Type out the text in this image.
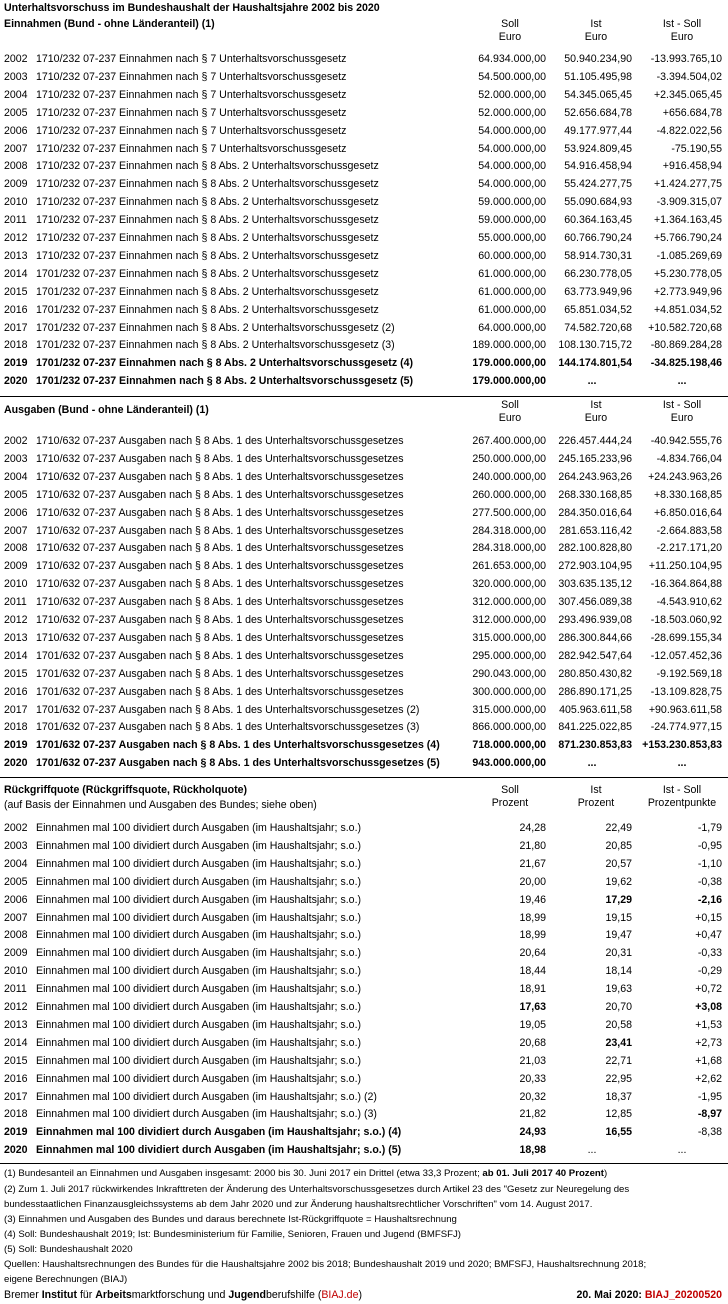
Unterhaltsvorschuss im Bundeshaushalt der Haushaltsjahre 2002 bis 2020
Einnahmen (Bund - ohne Länderanteil) (1)	Soll
Euro
Ist
Euro
Ist - Soll
Euro
2002 1710/232 07-237 Einnahmen nach § 7 Unterhaltsvorschussgesetz	64.934.000,00 50.940.234,90 -13.993.765,10
2003 1710/232 07-237 Einnahmen nach § 7 Unterhaltsvorschussgesetz	54.500.000,00 51.105.495,98 -3.394.504,02
2004 1710/232 07-237 Einnahmen nach § 7 Unterhaltsvorschussgesetz	52.000.000,00 54.345.065,45 +2.345.065,45
2005 1710/232 07-237 Einnahmen nach § 7 Unterhaltsvorschussgesetz	52.000.000,00 52.656.684,78	+656.684,78
2006 1710/232 07-237 Einnahmen nach § 7 Unterhaltsvorschussgesetz	54.000.000,00 49.177.977,44 -4.822.022,56
2007 1710/232 07-237 Einnahmen nach § 7 Unterhaltsvorschussgesetz	54.000.000,00 53.924.809,45	-75.190,55
2008 1710/232 07-237 Einnahmen nach § 8 Abs. 2 Unterhaltsvorschussgesetz	54.000.000,00 54.916.458,94	+916.458,94
2009 1710/232 07-237 Einnahmen nach § 8 Abs. 2 Unterhaltsvorschussgesetz	54.000.000,00 55.424.277,75 +1.424.277,75
2010 1710/232 07-237 Einnahmen nach § 8 Abs. 2 Unterhaltsvorschussgesetz	59.000.000,00 55.090.684,93 -3.909.315,07
2011 1710/232 07-237 Einnahmen nach § 8 Abs. 2 Unterhaltsvorschussgesetz	59.000.000,00 60.364.163,45 +1.364.163,45
2012 1710/232 07-237 Einnahmen nach § 8 Abs. 2 Unterhaltsvorschussgesetz	55.000.000,00 60.766.790,24 +5.766.790,24
2013 1710/232 07-237 Einnahmen nach § 8 Abs. 2 Unterhaltsvorschussgesetz	60.000.000,00 58.914.730,31 -1.085.269,69
2014 1701/232 07-237 Einnahmen nach § 8 Abs. 2 Unterhaltsvorschussgesetz	61.000.000,00 66.230.778,05 +5.230.778,05
2015 1701/232 07-237 Einnahmen nach § 8 Abs. 2 Unterhaltsvorschussgesetz	61.000.000,00 63.773.949,96 +2.773.949,96
2016 1701/232 07-237 Einnahmen nach § 8 Abs. 2 Unterhaltsvorschussgesetz	61.000.000,00 65.851.034,52 +4.851.034,52
2017 1701/232 07-237 Einnahmen nach § 8 Abs. 2 Unterhaltsvorschussgesetz (2)	64.000.000,00 74.582.720,68 +10.582.720,68
2018 1701/232 07-237 Einnahmen nach § 8 Abs. 2 Unterhaltsvorschussgesetz (3)	189.000.000,00 108.130.715,72 -80.869.284,28
2019 1701/232 07-237 Einnahmen nach § 8 Abs. 2 Unterhaltsvorschussgesetz (4)	179.000.000,00 144.174.801,54 -34.825.198,46
2020 1701/232 07-237 Einnahmen nach § 8 Abs. 2 Unterhaltsvorschussgesetz (5)	179.000.000,00	...	...
Ausgaben (Bund - ohne Länderanteil) (1)	Soll
Euro
Ist
Euro
Ist - Soll
Euro
2002 1710/632 07-237 Ausgaben nach § 8 Abs. 1 des Unterhaltsvorschussgesetzes	267.400.000,00 226.457.444,24 -40.942.555,76
2003 1710/632 07-237 Ausgaben nach § 8 Abs. 1 des Unterhaltsvorschussgesetzes	250.000.000,00 245.165.233,96 -4.834.766,04
2004 1710/632 07-237 Ausgaben nach § 8 Abs. 1 des Unterhaltsvorschussgesetzes	240.000.000,00 264.243.963,26 +24.243.963,26
2005 1710/632 07-237 Ausgaben nach § 8 Abs. 1 des Unterhaltsvorschussgesetzes	260.000.000,00 268.330.168,85 +8.330.168,85
2006 1710/632 07-237 Ausgaben nach § 8 Abs. 1 des Unterhaltsvorschussgesetzes	277.500.000,00 284.350.016,64 +6.850.016,64
2007 1710/632 07-237 Ausgaben nach § 8 Abs. 1 des Unterhaltsvorschussgesetzes	284.318.000,00 281.653.116,42 -2.664.883,58
2008 1710/632 07-237 Ausgaben nach § 8 Abs. 1 des Unterhaltsvorschussgesetzes	284.318.000,00 282.100.828,80 -2.217.171,20
2009 1710/632 07-237 Ausgaben nach § 8 Abs. 1 des Unterhaltsvorschussgesetzes	261.653.000,00 272.903.104,95 +11.250.104,95
2010 1710/632 07-237 Ausgaben nach § 8 Abs. 1 des Unterhaltsvorschussgesetzes	320.000.000,00 303.635.135,12 -16.364.864,88
2011 1710/632 07-237 Ausgaben nach § 8 Abs. 1 des Unterhaltsvorschussgesetzes	312.000.000,00 307.456.089,38 -4.543.910,62
2012 1710/632 07-237 Ausgaben nach § 8 Abs. 1 des Unterhaltsvorschussgesetzes	312.000.000,00 293.496.939,08 -18.503.060,92
2013 1710/632 07-237 Ausgaben nach § 8 Abs. 1 des Unterhaltsvorschussgesetzes	315.000.000,00 286.300.844,66 -28.699.155,34
2014 1701/632 07-237 Ausgaben nach § 8 Abs. 1 des Unterhaltsvorschussgesetzes	295.000.000,00 282.942.547,64 -12.057.452,36
2015 1701/632 07-237 Ausgaben nach § 8 Abs. 1 des Unterhaltsvorschussgesetzes	290.043.000,00 280.850.430,82 -9.192.569,18
2016 1701/632 07-237 Ausgaben nach § 8 Abs. 1 des Unterhaltsvorschussgesetzes	300.000.000,00 286.890.171,25 -13.109.828,75
2017 1701/632 07-237 Ausgaben nach § 8 Abs. 1 des Unterhaltsvorschussgesetzes (2)	315.000.000,00 405.963.611,58 +90.963.611,58
2018 1701/632 07-237 Ausgaben nach § 8 Abs. 1 des Unterhaltsvorschussgesetzes (3)	866.000.000,00 841.225.022,85 -24.774.977,15
2019 1701/632 07-237 Ausgaben nach § 8 Abs. 1 des Unterhaltsvorschussgesetzes (4)	718.000.000,00 871.230.853,83 +153.230.853,83
2020 1701/632 07-237 Ausgaben nach § 8 Abs. 1 des Unterhaltsvorschussgesetzes (5)	943.000.000,00	...	...
Rückgriffquote (Rückgriffsquote, Rückholquote)
(auf Basis der Einnahmen und Ausgaben des Bundes; siehe oben)
Soll
Prozent
Ist
Prozent
Ist - Soll
Prozentpunkte
2002 Einnahmen mal 100 dividiert durch Ausgaben (im Haushaltsjahr; s.o.)	24,28	22,49	-1,79
2003 Einnahmen mal 100 dividiert durch Ausgaben (im Haushaltsjahr; s.o.)	21,80	20,85	-0,95
2004 Einnahmen mal 100 dividiert durch Ausgaben (im Haushaltsjahr; s.o.)	21,67	20,57	-1,10
2005 Einnahmen mal 100 dividiert durch Ausgaben (im Haushaltsjahr; s.o.)	20,00	19,62	-0,38
2006 Einnahmen mal 100 dividiert durch Ausgaben (im Haushaltsjahr; s.o.)	19,46	17,29	-2,16
2007 Einnahmen mal 100 dividiert durch Ausgaben (im Haushaltsjahr; s.o.)	18,99	19,15	+0,15
2008 Einnahmen mal 100 dividiert durch Ausgaben (im Haushaltsjahr; s.o.)	18,99	19,47	+0,47
2009 Einnahmen mal 100 dividiert durch Ausgaben (im Haushaltsjahr; s.o.)	20,64	20,31	-0,33
2010 Einnahmen mal 100 dividiert durch Ausgaben (im Haushaltsjahr; s.o.)	18,44	18,14	-0,29
2011 Einnahmen mal 100 dividiert durch Ausgaben (im Haushaltsjahr; s.o.)	18,91	19,63	+0,72
2012 Einnahmen mal 100 dividiert durch Ausgaben (im Haushaltsjahr; s.o.)	17,63	20,70	+3,08
2013 Einnahmen mal 100 dividiert durch Ausgaben (im Haushaltsjahr; s.o.)	19,05	20,58	+1,53
2014 Einnahmen mal 100 dividiert durch Ausgaben (im Haushaltsjahr; s.o.)	20,68	23,41	+2,73
2015 Einnahmen mal 100 dividiert durch Ausgaben (im Haushaltsjahr; s.o.)	21,03	22,71	+1,68
2016 Einnahmen mal 100 dividiert durch Ausgaben (im Haushaltsjahr; s.o.)	20,33	22,95	+2,62
2017 Einnahmen mal 100 dividiert durch Ausgaben (im Haushaltsjahr; s.o.) (2)	20,32	18,37	-1,95
2018 Einnahmen mal 100 dividiert durch Ausgaben (im Haushaltsjahr; s.o.) (3)	21,82	12,85	-8,97
2019 Einnahmen mal 100 dividiert durch Ausgaben (im Haushaltsjahr; s.o.) (4)	24,93	16,55	-8,38
2020 Einnahmen mal 100 dividiert durch Ausgaben (im Haushaltsjahr; s.o.) (5)	18,98	...	...
(1) Bundesanteil an Einnahmen und Ausgaben insgesamt: 2000 bis 30. Juni 2017 ein Drittel (etwa 33,3 Prozent; ab 01. Juli 2017 40 Prozent)
(2) Zum 1. Juli 2017 rückwirkendes Inkrafttreten der Änderung des Unterhaltsvorschussgesetzes durch Artikel 23 des "Gesetz zur Neuregelung des
bundesstaatlichen Finanzausgleichssystems ab dem Jahr 2020 und zur Änderung haushaltsrechtlicher Vorschriften" vom 14. August 2017.
(3) Einnahmen und Ausgaben des Bundes und daraus berechnete Ist-Rückgriffquote = Haushaltsrechnung
(4) Soll: Bundeshaushalt 2019; Ist: Bundesministerium für Familie, Senioren, Frauen und Jugend (BMFSFJ)
(5) Soll: Bundeshaushalt 2020
Quellen: Haushaltsrechnungen des Bundes für die Haushaltsjahre 2002 bis 2018; Bundeshaushalt 2019 und 2020; BMFSFJ, Haushaltsrechnung 2018;
eigene Berechnungen (BIAJ)
Bremer Institut für Arbeitsmarktforschung und Jugendberufshilfe (BIAJ.de)	20. Mai 2020: BIAJ_20200520
